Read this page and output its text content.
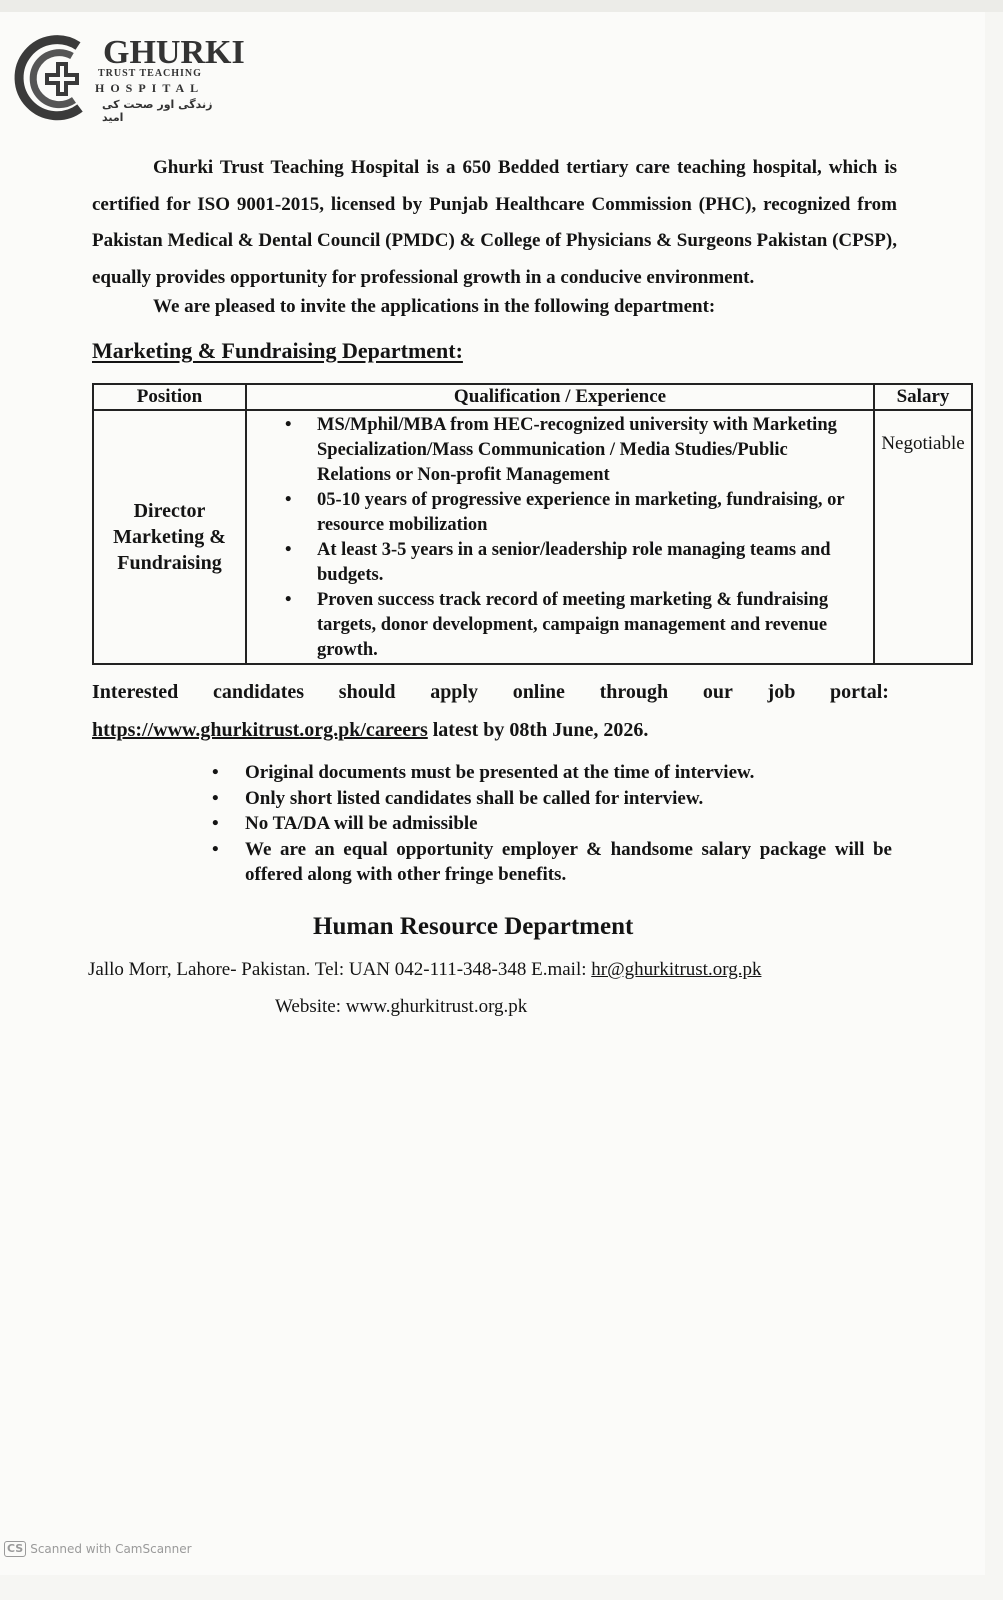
GHURKI
TRUST TEACHING
HOSPITAL
زندگی اور صحت کی امید

Ghurki Trust Teaching Hospital is a 650 Bedded tertiary care teaching hospital, which is certified for ISO 9001-2015, licensed by Punjab Healthcare Commission (PHC), recognized from Pakistan Medical & Dental Council (PMDC) & College of Physicians & Surgeons Pakistan (CPSP), equally provides opportunity for professional growth in a conducive environment.

We are pleased to invite the applications in the following department:
Marketing & Fundraising Department:
Position	Qualification / Experience	Salary
Director Marketing & Fundraising	• MS/Mphil/MBA from HEC-recognized university with Marketing Specialization/Mass Communication / Media Studies/Public Relations or Non-profit Management
• 05-10 years of progressive experience in marketing, fundraising, or resource mobilization
• At least 3-5 years in a senior/leadership role managing teams and budgets.
• Proven success track record of meeting marketing & fundraising targets, donor development, campaign management and revenue growth.	Negotiable
Interested candidates should apply online through our job portal:
https://www.ghurkitrust.org.pk/careers latest by 08th June, 2026.
• Original documents must be presented at the time of interview.
• Only short listed candidates shall be called for interview.
• No TA/DA will be admissible
• We are an equal opportunity employer & handsome salary package will be offered along with other fringe benefits.
Human Resource Department
Jallo Morr, Lahore- Pakistan. Tel: UAN 042-111-348-348 E.mail: hr@ghurkitrust.org.pk
Website: www.ghurkitrust.org.pk
CS Scanned with CamScanner
